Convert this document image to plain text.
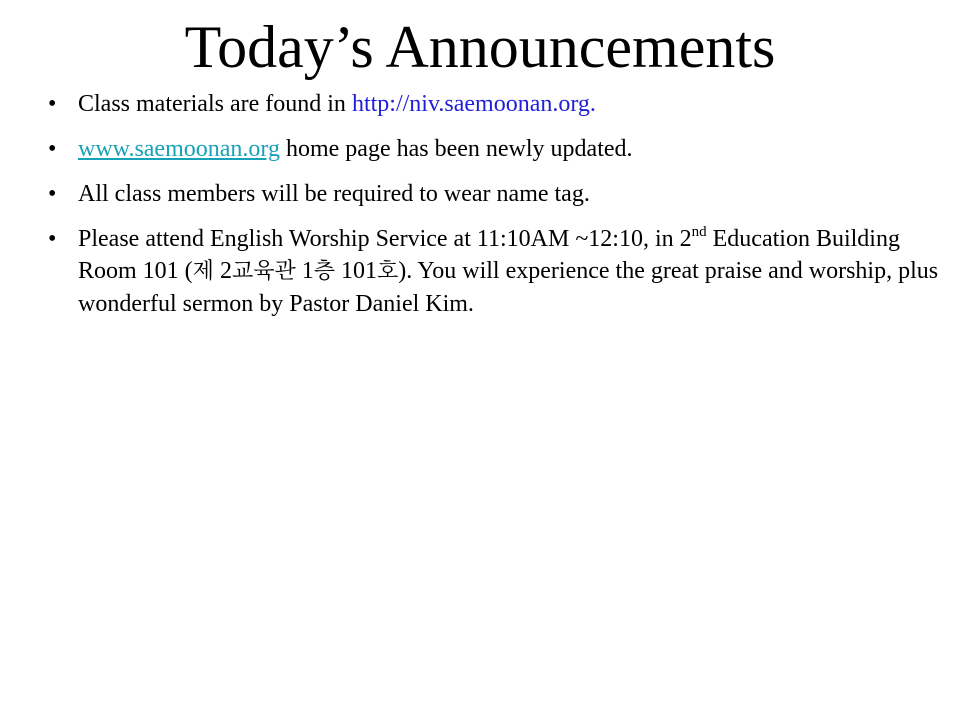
Today’s Announcements
• Class materials are found in http://niv.saemoonan.org.
• www.saemoonan.org home page has been newly updated.
• All class members will be required to wear name tag.
• Please attend English Worship Service at 11:10AM ~12:10, in 2nd Education Building Room 101 (제 2교육관 1층 101호). You will experience the great praise and worship, plus wonderful sermon by Pastor Daniel Kim.
